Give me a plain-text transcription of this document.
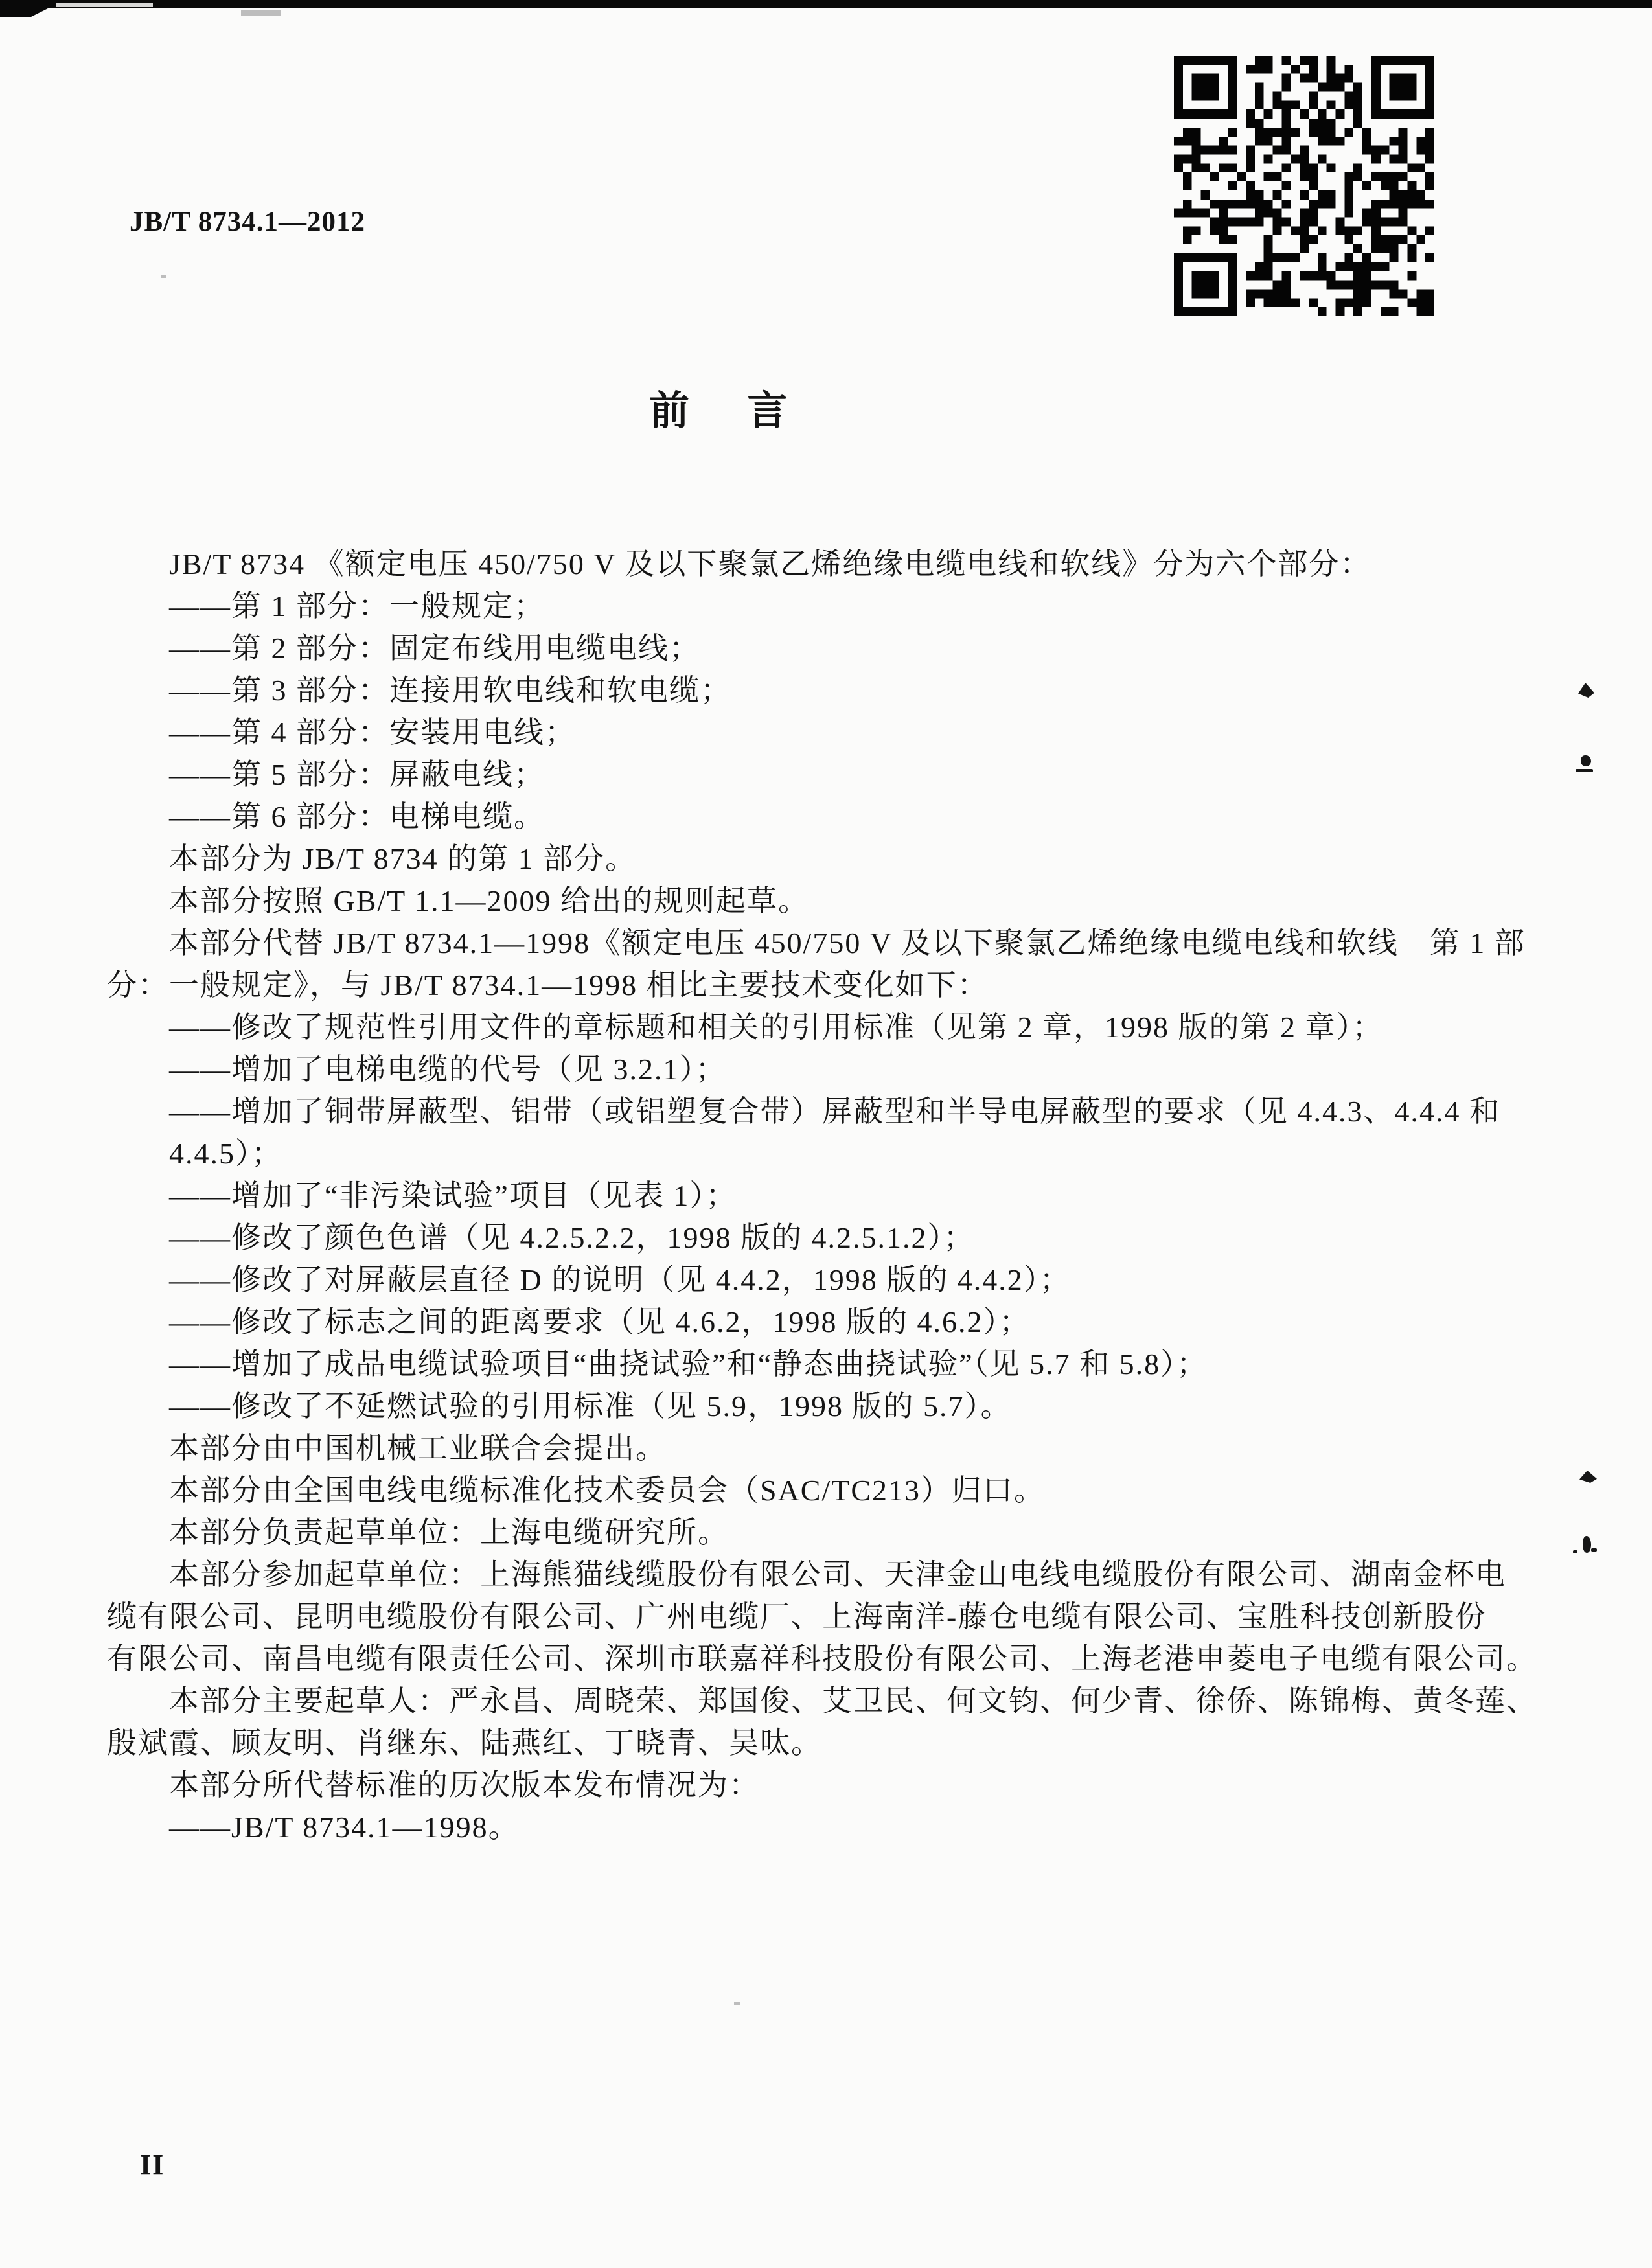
JB/T 8734.1—2012
前　 言
JB/T 8734 《额定电压 450/750 V 及以下聚氯乙烯绝缘电缆电线和软线》分为六个部分：
——第 1 部分：一般规定；
——第 2 部分：固定布线用电缆电线；
——第 3 部分：连接用软电线和软电缆；
——第 4 部分：安装用电线；
——第 5 部分：屏蔽电线；
——第 6 部分：电梯电缆。
本部分为 JB/T 8734 的第 1 部分。
本部分按照 GB/T 1.1—2009 给出的规则起草。
本部分代替 JB/T 8734.1—1998《额定电压 450/750 V 及以下聚氯乙烯绝缘电缆电线和软线　第 1 部
分：一般规定》，与 JB/T 8734.1—1998 相比主要技术变化如下：
——修改了规范性引用文件的章标题和相关的引用标准（见第 2 章，1998 版的第 2 章）；
——增加了电梯电缆的代号（见 3.2.1）；
——增加了铜带屏蔽型、铝带（或铝塑复合带）屏蔽型和半导电屏蔽型的要求（见 4.4.3、4.4.4 和
4.4.5）；
——增加了“非污染试验”项目（见表 1）；
——修改了颜色色谱（见 4.2.5.2.2，1998 版的 4.2.5.1.2）；
——修改了对屏蔽层直径 D 的说明（见 4.4.2，1998 版的 4.4.2）；
——修改了标志之间的距离要求（见 4.6.2，1998 版的 4.6.2）；
——增加了成品电缆试验项目“曲挠试验”和“静态曲挠试验”（见 5.7 和 5.8）；
——修改了不延燃试验的引用标准（见 5.9，1998 版的 5.7）。
本部分由中国机械工业联合会提出。
本部分由全国电线电缆标准化技术委员会（SAC/TC213）归口。
本部分负责起草单位：上海电缆研究所。
本部分参加起草单位：上海熊猫线缆股份有限公司、天津金山电线电缆股份有限公司、湖南金杯电
缆有限公司、昆明电缆股份有限公司、广州电缆厂、上海南洋-藤仓电缆有限公司、宝胜科技创新股份
有限公司、南昌电缆有限责任公司、深圳市联嘉祥科技股份有限公司、上海老港申菱电子电缆有限公司。
本部分主要起草人：严永昌、周晓荣、郑国俊、艾卫民、何文钧、何少青、徐侨、陈锦梅、黄冬莲、
殷斌霞、顾友明、肖继东、陆燕红、丁晓青、吴呔。
本部分所代替标准的历次版本发布情况为：
——JB/T 8734.1—1998。
II
